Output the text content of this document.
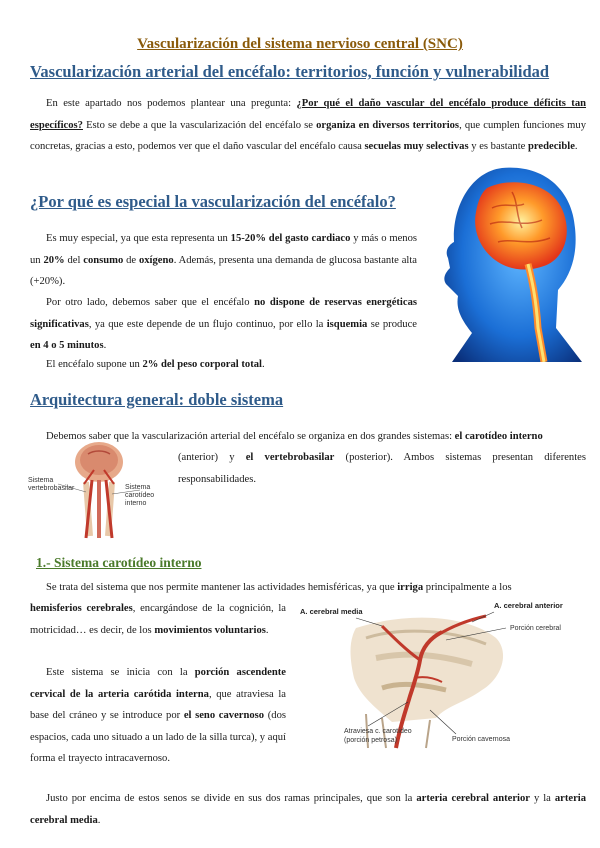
Vascularización del sistema nervioso central (SNC)
Vascularización arterial del encéfalo: territorios, función y vulnerabilidad
En este apartado nos podemos plantear una pregunta: ¿Por qué el daño vascular del encéfalo produce déficits tan específicos? Esto se debe a que la vascularización del encéfalo se organiza en diversos territorios, que cumplen funciones muy concretas, gracias a esto, podemos ver que el daño vascular del encéfalo causa secuelas muy selectivas y es bastante predecible.
¿Por qué es especial la vascularización del encéfalo?
Es muy especial, ya que esta representa un 15-20% del gasto cardiaco y más o menos un 20% del consumo de oxígeno. Además, presenta una demanda de glucosa bastante alta (+20%).
Por otro lado, debemos saber que el encéfalo no dispone de reservas energéticas significativas, ya que este depende de un flujo continuo, por ello la isquemia se produce en 4 o 5 minutos.
El encéfalo supone un 2% del peso corporal total.
Arquitectura general: doble sistema
Debemos saber que la vascularización arterial del encéfalo se organiza en dos grandes sistemas: el carotídeo interno
(anterior) y el vertebrobasilar (posterior). Ambos sistemas presentan diferentes responsabilidades.
Sistema vertebrobasilar	Sistema carotídeo interno
1.- Sistema carotídeo interno
Se trata del sistema que nos permite mantener las actividades hemisféricas, ya que irriga principalmente a los
hemisferios cerebrales, encargándose de la cognición, la motricidad… es decir, de los movimientos voluntarios.
Este sistema se inicia con la porción ascendente cervical de la arteria carótida interna, que atraviesa la base del cráneo y se introduce por el seno cavernoso (dos espacios, cada uno situado a un lado de la silla turca), y aquí forma el trayecto intracavernoso.
A. cerebral media
A. cerebral anterior
Porción cerebral
Atraviesa c. carotídeo
(porción petrosa)	Porción cavernosa
Justo por encima de estos senos se divide en sus dos ramas principales, que son la arteria cerebral anterior y la arteria cerebral media.
